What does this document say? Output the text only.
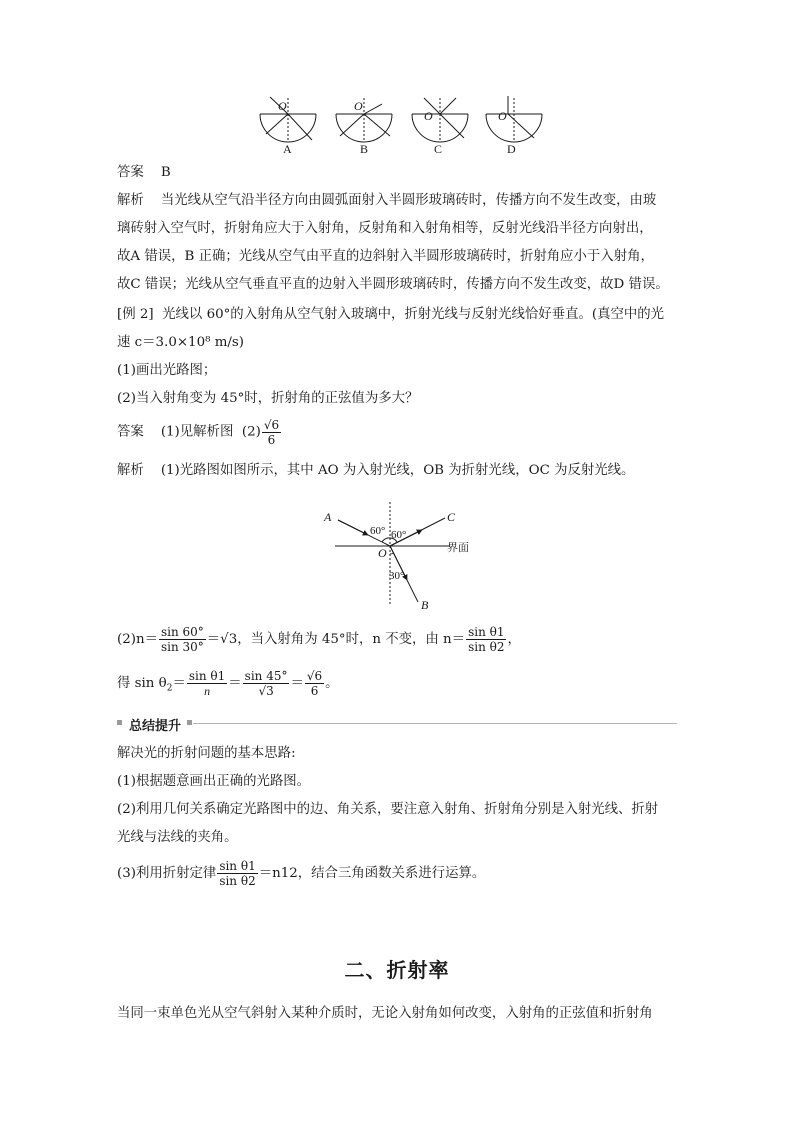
O	O
O	O
A	B	C	D
答案 B
解析 当光线从空气沿半径方向由圆弧面射入半圆形玻璃砖时，传播方向不发生改变，由玻
璃砖射入空气时，折射角应大于入射角，反射角和入射角相等，反射光线沿半径方向射出，
故A 错误，B 正确；光线从空气由平直的边斜射入半圆形玻璃砖时，折射角应小于入射角，
故C 错误；光线从空气垂直平直的边射入半圆形玻璃砖时，传播方向不发生改变，故D 错误。
[例 2] 光线以 60°的入射角从空气射入玻璃中，折射光线与反射光线恰好垂直。(真空中的光
速 c＝3.0×10⁸ m/s)
(1)画出光路图；
(2)当入射角变为 45°时，折射角的正弦值为多大？
答案 (1)见解析图 $(2) \frac{√6}{6}$
解析 (1)光路图如图所示，其中 AO 为入射光线，OB 为折射光线，OC 为反射光线。
A	C
O
B
60° 60°
30°
界面
$(2)n= \frac{\sin 60^\circ}{\sin 30^\circ} =√3$，当入射角为 45°时，n 不变，由 $n= \frac{\text{sin θ1}}{\text{sin θ2}}$ ，
得 $\sin \theta_2= \frac{\text{sin θ1}}{n} = \frac{\sin 45^\circ}{√3} = \frac{√6}{6}$ 。
总结提升
解决光的折射问题的基本思路:
(1)根据题意画出正确的光路图。
(2)利用几何关系确定光路图中的边、角关系，要注意入射角、折射角分别是入射光线、折射
光线与法线的夹角。
(3)利用折射定律 $\frac{\text{sin θ1}}{\text{sin θ2}} =n12$，结合三角函数关系进行运算。
二、折射率
当同一束单色光从空气斜射入某种介质时，无论入射角如何改变，入射角的正弦值和折射角
